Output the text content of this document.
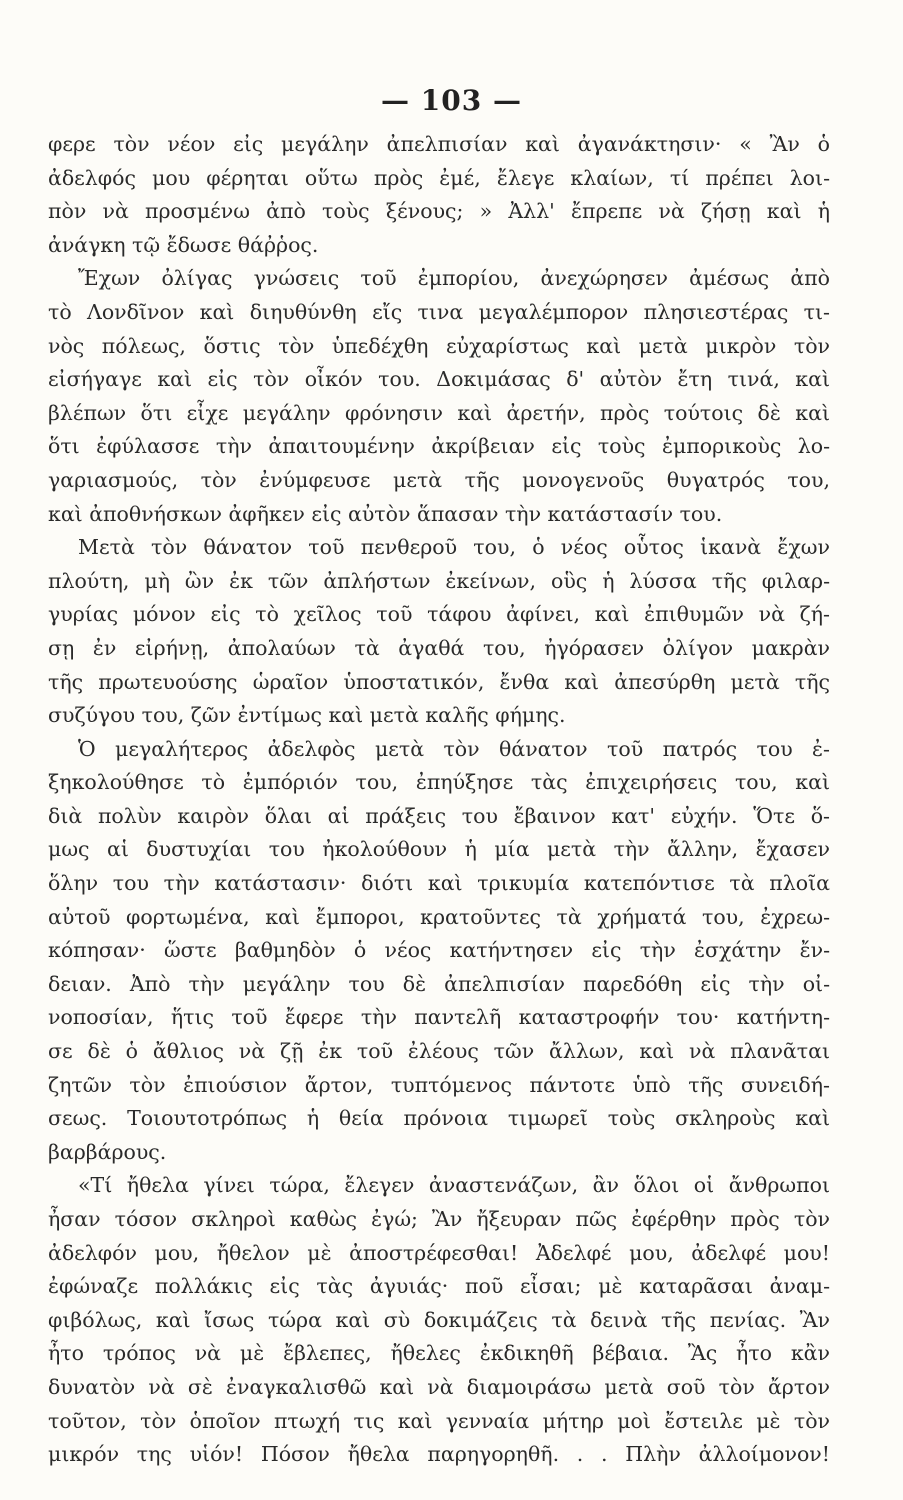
— 103 —
φερε τὸν νέον εἰς μεγάλην ἀπελπισίαν καὶ ἀγανάκτησιν· « Ἂν ὁ
ἀδελφός μου φέρηται οὕτω πρὸς ἐμέ, ἔλεγε κλαίων, τί πρέπει λοι-
πὸν νὰ προσμένω ἀπὸ τοὺς ξένους; » Ἀλλ' ἔπρεπε νὰ ζήσῃ καὶ ἡ
ἀνάγκη τῷ ἔδωσε θάῤῥος.
Ἔχων ὀλίγας γνώσεις τοῦ ἐμπορίου, ἀνεχώρησεν ἀμέσως ἀπὸ
τὸ Λονδῖνον καὶ διηυθύνθη εἴς τινα μεγαλέμπορον πλησιεστέρας τι-
νὸς πόλεως, ὅστις τὸν ὑπεδέχθη εὐχαρίστως καὶ μετὰ μικρὸν τὸν
εἰσήγαγε καὶ εἰς τὸν οἶκόν του. Δοκιμάσας δ' αὐτὸν ἔτη τινά, καὶ
βλέπων ὅτι εἶχε μεγάλην φρόνησιν καὶ ἀρετήν, πρὸς τούτοις δὲ καὶ
ὅτι ἐφύλασσε τὴν ἀπαιτουμένην ἀκρίβειαν εἰς τοὺς ἐμπορικοὺς λο-
γαριασμούς, τὸν ἐνύμφευσε μετὰ τῆς μονογενοῦς θυγατρός του,
καὶ ἀποθνήσκων ἀφῆκεν εἰς αὐτὸν ἅπασαν τὴν κατάστασίν του.
Μετὰ τὸν θάνατον τοῦ πενθεροῦ του, ὁ νέος οὗτος ἱκανὰ ἔχων
πλούτη, μὴ ὢν ἐκ τῶν ἀπλήστων ἐκείνων, οὓς ἡ λύσσα τῆς φιλαρ-
γυρίας μόνον εἰς τὸ χεῖλος τοῦ τάφου ἀφίνει, καὶ ἐπιθυμῶν νὰ ζή-
σῃ ἐν εἰρήνῃ, ἀπολαύων τὰ ἀγαθά του, ἠγόρασεν ὀλίγον μακρὰν
τῆς πρωτευούσης ὡραῖον ὑποστατικόν, ἔνθα καὶ ἀπεσύρθη μετὰ τῆς
συζύγου του, ζῶν ἐντίμως καὶ μετὰ καλῆς φήμης.
Ὁ μεγαλήτερος ἀδελφὸς μετὰ τὸν θάνατον τοῦ πατρός του ἐ-
ξηκολούθησε τὸ ἐμπόριόν του, ἐπηύξησε τὰς ἐπιχειρήσεις του, καὶ
διὰ πολὺν καιρὸν ὅλαι αἱ πράξεις του ἔβαινον κατ' εὐχήν. Ὅτε ὅ-
μως αἱ δυστυχίαι του ἠκολούθουν ἡ μία μετὰ τὴν ἄλλην, ἔχασεν
ὅλην του τὴν κατάστασιν· διότι καὶ τρικυμία κατεπόντισε τὰ πλοῖα
αὐτοῦ φορτωμένα, καὶ ἔμποροι, κρατοῦντες τὰ χρήματά του, ἐχρεω-
κόπησαν· ὥστε βαθμηδὸν ὁ νέος κατήντησεν εἰς τὴν ἐσχάτην ἔν-
δειαν. Ἀπὸ τὴν μεγάλην του δὲ ἀπελπισίαν παρεδόθη εἰς τὴν οἰ-
νοποσίαν, ἥτις τοῦ ἔφερε τὴν παντελῆ καταστροφήν του· κατήντη-
σε δὲ ὁ ἄθλιος νὰ ζῇ ἐκ τοῦ ἐλέους τῶν ἄλλων, καὶ νὰ πλανᾶται
ζητῶν τὸν ἐπιούσιον ἄρτον, τυπτόμενος πάντοτε ὑπὸ τῆς συνειδή-
σεως. Τοιουτοτρόπως ἡ θεία πρόνοια τιμωρεῖ τοὺς σκληροὺς καὶ
βαρβάρους.
«Τί ἤθελα γίνει τώρα, ἔλεγεν ἀναστενάζων, ἂν ὅλοι οἱ ἄνθρωποι
ἦσαν τόσον σκληροὶ καθὼς ἐγώ; Ἂν ἤξευραν πῶς ἐφέρθην πρὸς τὸν
ἀδελφόν μου, ἤθελον μὲ ἀποστρέφεσθαι! Ἀδελφέ μου, ἀδελφέ μου!
ἐφώναζε πολλάκις εἰς τὰς ἀγυιάς· ποῦ εἶσαι; μὲ καταρᾶσαι ἀναμ-
φιβόλως, καὶ ἴσως τώρα καὶ σὺ δοκιμάζεις τὰ δεινὰ τῆς πενίας. Ἂν
ἦτο τρόπος νὰ μὲ ἔβλεπες, ἤθελες ἐκδικηθῆ βέβαια. Ἂς ἦτο κἂν
δυνατὸν νὰ σὲ ἐναγκαλισθῶ καὶ νὰ διαμοιράσω μετὰ σοῦ τὸν ἄρτον
τοῦτον, τὸν ὁποῖον πτωχή τις καὶ γενναία μήτηρ μοὶ ἔστειλε μὲ τὸν
μικρόν της υἱόν! Πόσον ἤθελα παρηγορηθῆ. . . Πλὴν ἀλλοίμονον!
